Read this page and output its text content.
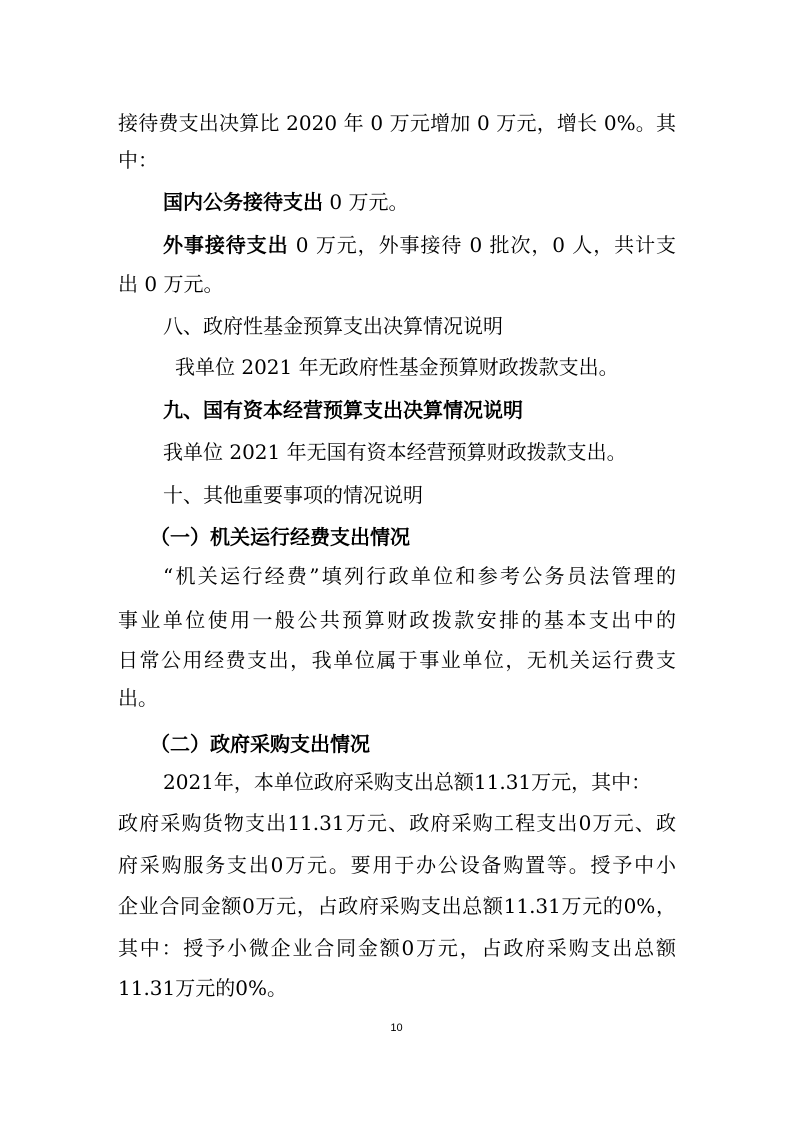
接待费支出决算比 2020 年 0 万元增加 0 万元，增长 0%。其
中：
国内公务接待支出 0 万元。
外事接待支出 0 万元，外事接待 0 批次，0 人，共计支
出 0 万元。
八、政府性基金预算支出决算情况说明
我单位 2021 年无政府性基金预算财政拨款支出。
九、国有资本经营预算支出决算情况说明
我单位 2021 年无国有资本经营预算财政拨款支出。
十、其他重要事项的情况说明
（一）机关运行经费支出情况
“机关运行经费”填列行政单位和参考公务员法管理的
事业单位使用一般公共预算财政拨款安排的基本支出中的
日常公用经费支出，我单位属于事业单位，无机关运行费支
出。
（二）政府采购支出情况
2021年，本单位政府采购支出总额11.31万元，其中：
政府采购货物支出11.31万元、政府采购工程支出0万元、政
府采购服务支出0万元。要用于办公设备购置等。授予中小
企业合同金额0万元，占政府采购支出总额11.31万元的0%，
其中：授予小微企业合同金额0万元，占政府采购支出总额
11.31万元的0%。
10
